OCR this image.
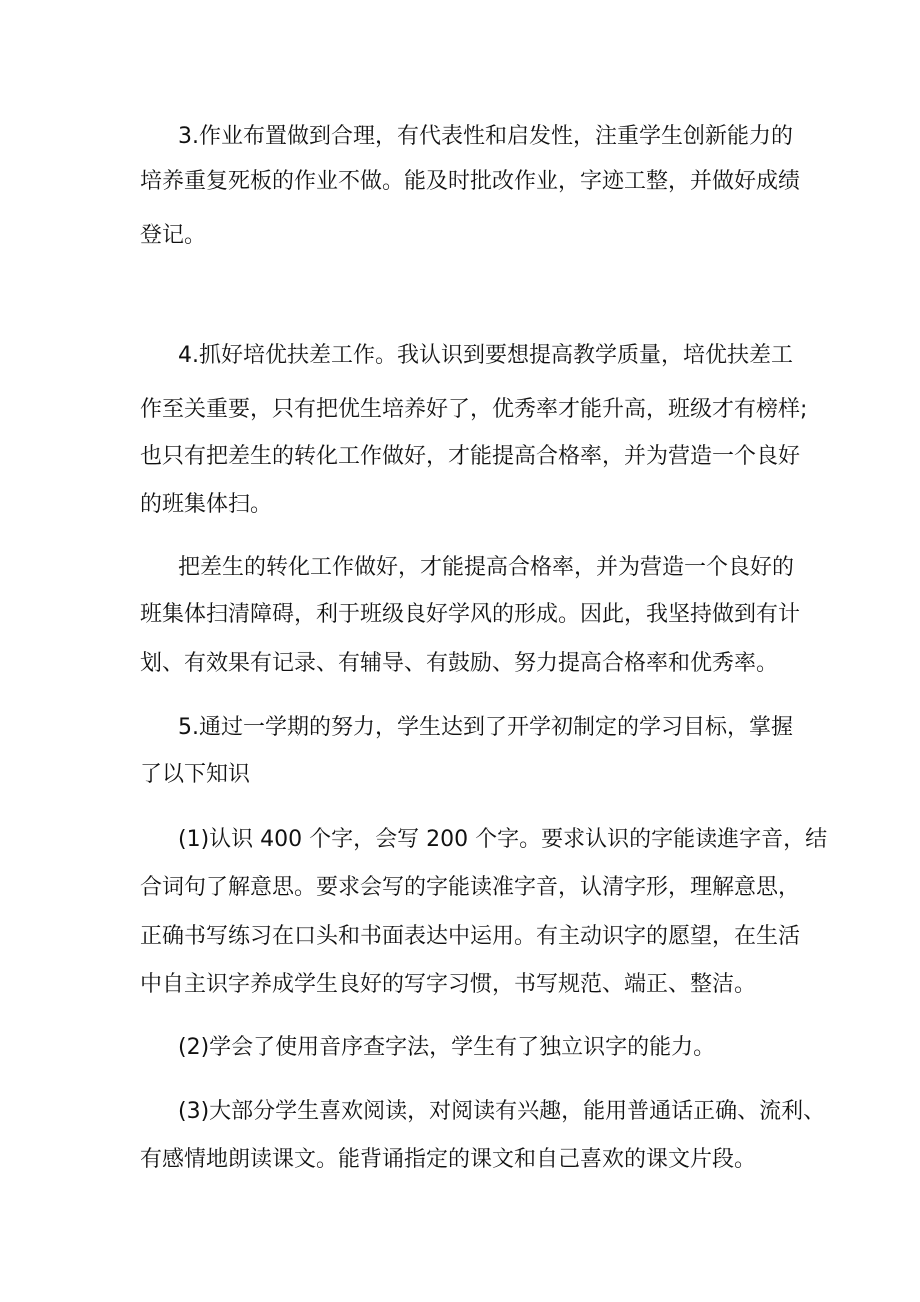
3.作业布置做到合理，有代表性和启发性，注重学生创新能力的

培养重复死板的作业不做。能及时批改作业，字迹工整，并做好成绩

登记。

4.抓好培优扶差工作。我认识到要想提高教学质量，培优扶差工

作至关重要，只有把优生培养好了，优秀率才能升高，班级才有榜样;

也只有把差生的转化工作做好，才能提高合格率，并为营造一个良好

的班集体扫。

把差生的转化工作做好，才能提高合格率，并为营造一个良好的

班集体扫清障碍，利于班级良好学风的形成。因此，我坚持做到有计

划、有效果有记录、有辅导、有鼓励、努力提高合格率和优秀率。

5.通过一学期的努力，学生达到了开学初制定的学习目标，掌握

了以下知识

(1)认识 400 个字，会写 200 个字。要求认识的字能读進字音，结

合词句了解意思。要求会写的字能读准字音，认清字形，理解意思，

正确书写练习在口头和书面表达中运用。有主动识字的愿望，在生活

中自主识字养成学生良好的写字习惯，书写规范、端正、整洁。

(2)学会了使用音序查字法，学生有了独立识字的能力。

(3)大部分学生喜欢阅读，对阅读有兴趣，能用普通话正确、流利、

有感情地朗读课文。能背诵指定的课文和自己喜欢的课文片段。
